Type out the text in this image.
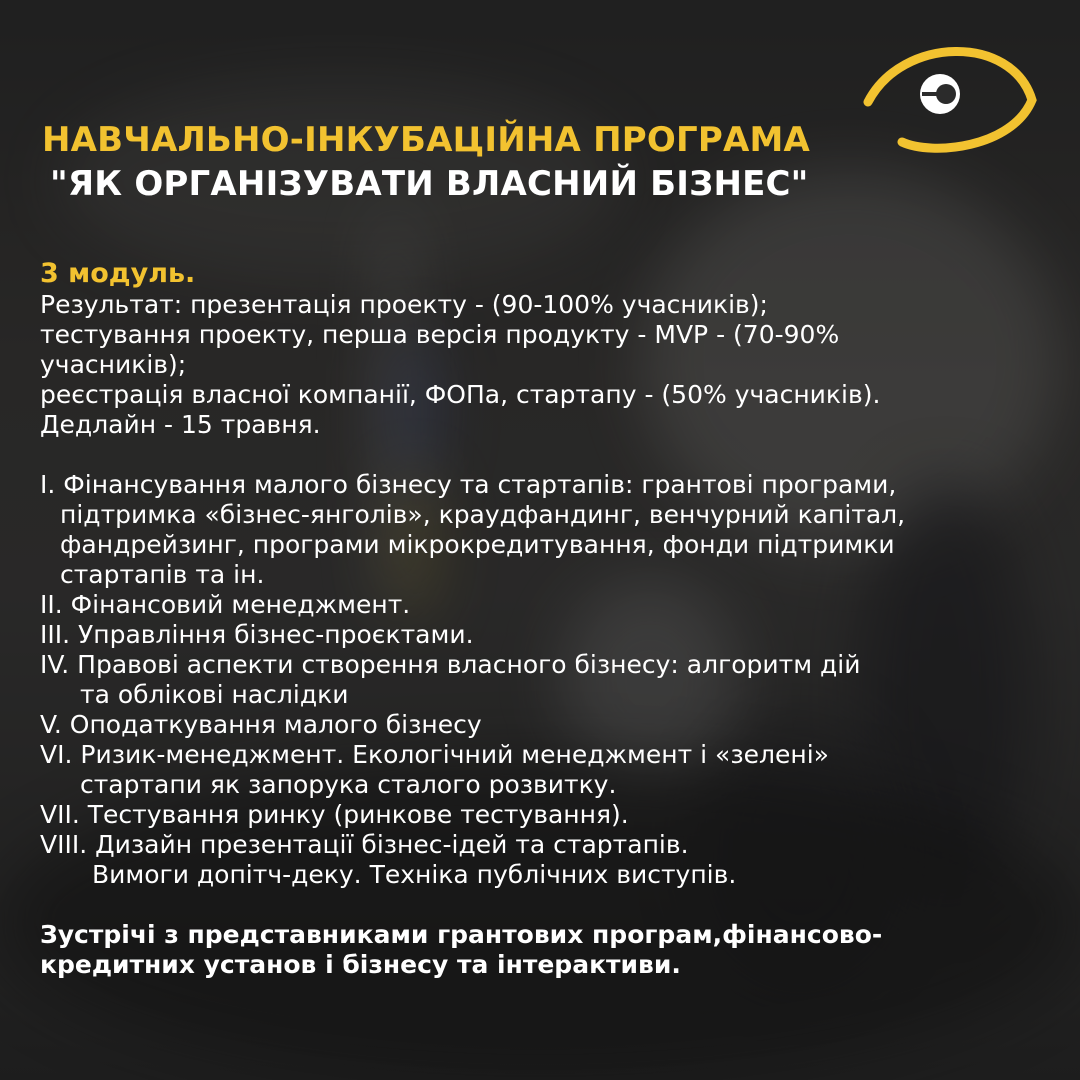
НАВЧАЛЬНО-ІНКУБАЦІЙНА ПРОГРАМА
"ЯК ОРГАНІЗУВАТИ ВЛАСНИЙ БІЗНЕС"

3 модуль.

Результат: презентація проекту - (90-100% учасників);

тестування проекту, перша версія продукту - MVP - (70-90%

учасників);

реєстрація власної компанії, ФОПа, стартапу - (50% учасників).

Дедлайн - 15 травня.

I. Фінансування малого бізнесу та стартапів: грантові програми,
підтримка «бізнес-янголів», краудфандинг, венчурний капітал,
фандрейзинг, програми мікрокредитування, фонди підтримки
стартапів та ін.
II. Фінансовий менеджмент.
III. Управління бізнес-проєктами.
IV. Правові аспекти створення власного бізнесу: алгоритм дій
та облікові наслідки
V. Оподаткування малого бізнесу
VI. Ризик-менеджмент. Екологічний менеджмент і «зелені»
стартапи як запорука сталого розвитку.
VII. Тестування ринку (ринкове тестування).
VIII. Дизайн презентації бізнес-ідей та стартапів.
Вимоги допітч-деку. Техніка публічних виступів.

Зустрічі з представниками грантових програм,фінансово-
кредитних установ і бізнесу та інтерактиви.
